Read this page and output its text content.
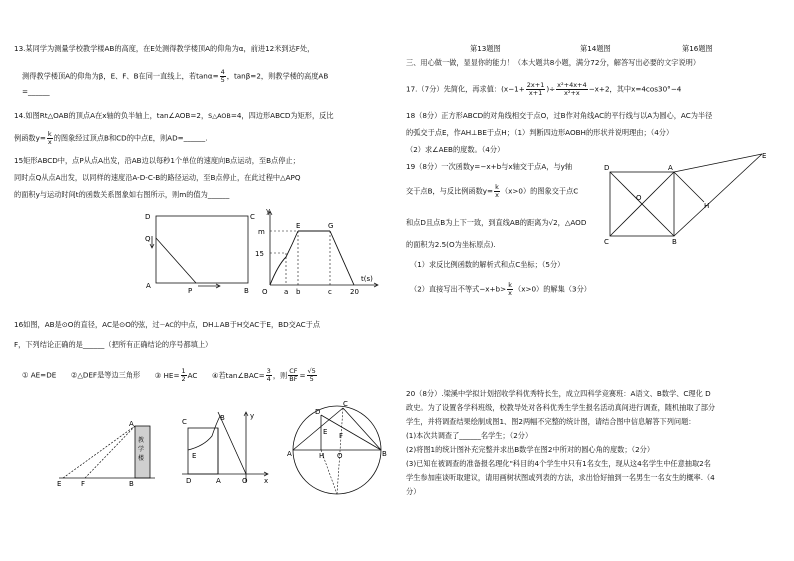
13.某同学为测量学校教学楼AB的高度，在E处测得教学楼顶A的仰角为α，前进12米到达F处，
测得教学楼顶A的仰角为β，E、F、B在同一直线上，若$\tan\alpha= \frac{4}{5}$ ，tanβ=2，则教学楼的高度AB
=______
14.如图Rt△OAB的顶点A在x轴的负半轴上，tan∠AOB=2，S△AOB=4，四边形ABCD为矩形，反比
例函数$y= \frac{k}{x}$ 的图象经过顶点B和CD的中点E，则AD=______.
15矩形ABCD中，点P从点A出发，沿AB边以每秒1个单位的速度向B点运动，至B点停止；
同时点Q从点A出发，以同样的速度沿A-D-C-B的路径运动，至B点停止，在此过程中△APQ
的面积y与运动时间t的函数关系图象如右图所示，则m的值为______
D	C
Q
A
P	B
y
m
15
O a b	c	20
t(s)
E	G
16如图，AB是⊙O的直径，AC是⊙O的弦，过$_⌒$AC的中点，DH⊥AB于H交AC于E，BD交AC于点
F，下列结论正确的是______（把所有正确结论的序号都填上）
① AE=DE ②△DEF是等边三角形 ③ $HE= \frac{1}{2}$ AC ④若tan∠BAC= $\frac{3}{4}$ ，则 $\frac{CF}{BF} = \frac{√5}{5}$
教
学
楼
A
B
E	F
C	B
E
D	A	O
y
x
C
D
E F
A	H O	B
第13题图	第14题图	第16题图
三、用心做一做，显显你的能力！（本大题共8小题，满分72分，解答写出必要的文字说明）
17.（7分）先简化，再求值：($x-1+ \frac{2x+1}{x+1}$ )÷ $\frac{\text{x²+4x+4}}{\text{x²+x}} -x+2$，其中x=4cos30°−4
18（8分）正方形ABCD的对角线相交于点O，过B作对角线AC的平行线与以A为圆心，AC为半径
的弧交于点E，作AH⊥BE于点H；（1）判断四边形AOBH的形状并说明理由；（4分）
（2）求∠AEB的度数。（4分）
19（8分）一次函数y=−x+b与x轴交于点A，与y轴
交于点B，与反比例函数$y= \frac{k}{x} (x>0)$的图象交于点C
和点D且点B为上下一致，到直线AB的距离为√2，△AOD
的面积为2.5(O为坐标原点).
（1）求反比例函数的解析式和点C坐标；（5分）
（2）直接写出不等式$-x+b> \frac{k}{x} (x>0)$的解集（3分）
D	A
C	B
O
H
E
20（8分）.梁溪中学拟计划招收学科优秀特长生，成立四科学竞赛班：A语文、B数学、C理化 D
政史。为了设置各学科班级，校教导处对各科优秀生学生报名活动真间进行调查，随机抽取了部分
学生，并将调查结果绘制成图1、图2两幅不完整的统计图，请结合图中信息解答下列问题：
(1)本次共调查了______名学生；（2分）
(2)将图1的统计图补充完整并求出B数学在图2中所对的圆心角的度数；（2分）
(3)已知在被调查的准备报名理化"科目的4个学生中只有1名女生，现从这4名学生中任意抽取2名
学生参加座谈听取建议，请用画树状图或列表的方法，求出恰好抽到一名男生一名女生的概率.（4
分）
